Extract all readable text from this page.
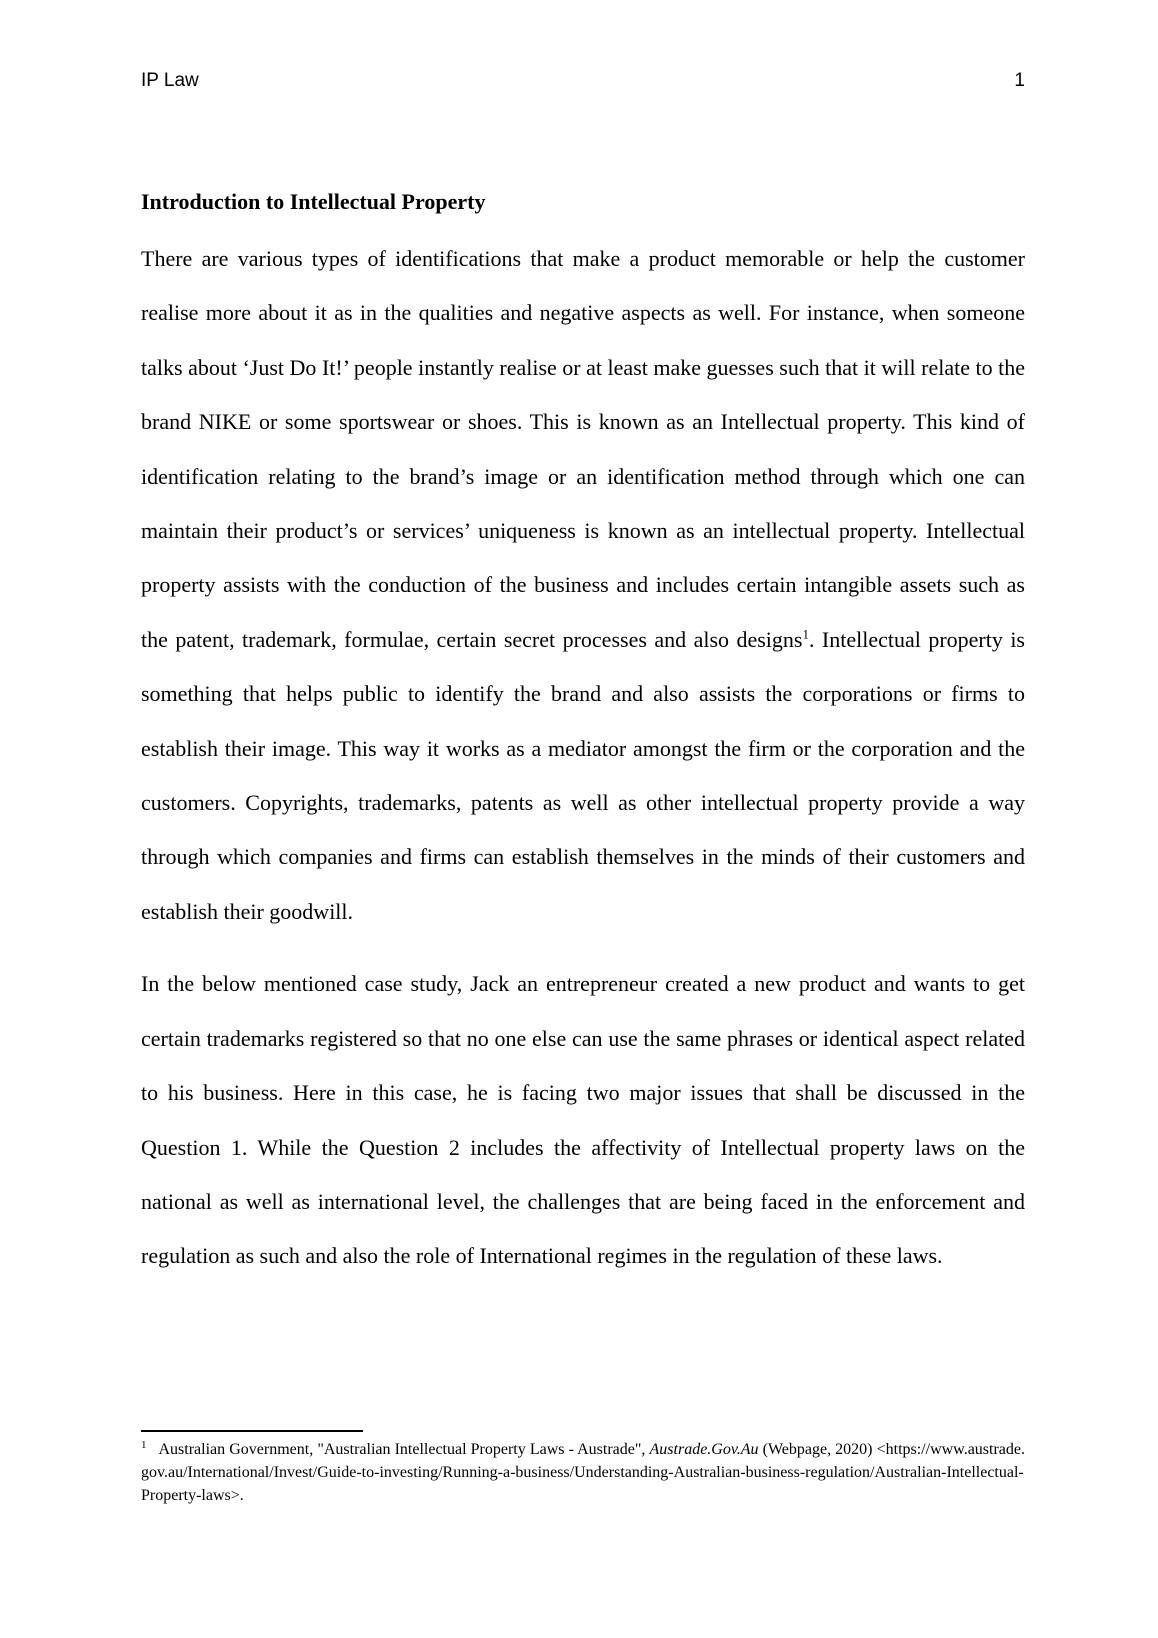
IP Law	1
Introduction to Intellectual Property

There are various types of identifications that make a product memorable or help the customer realise more about it as in the qualities and negative aspects as well. For instance, when someone talks about ‘Just Do It!’ people instantly realise or at least make guesses such that it will relate to the brand NIKE or some sportswear or shoes. This is known as an Intellectual property. This kind of identification relating to the brand’s image or an identification method through which one can maintain their product’s or services’ uniqueness is known as an intellectual property. Intellectual property assists with the conduction of the business and includes certain intangible assets such as the patent, trademark, formulae, certain secret processes and also designs$^1$. Intellectual property is something that helps public to identify the brand and also assists the corporations or firms to establish their image. This way it works as a mediator amongst the firm or the corporation and the customers. Copyrights, trademarks, patents as well as other intellectual property provide a way through which companies and firms can establish themselves in the minds of their customers and establish their goodwill.

In the below mentioned case study, Jack an entrepreneur created a new product and wants to get certain trademarks registered so that no one else can use the same phrases or identical aspect related to his business. Here in this case, he is facing two major issues that shall be discussed in the Question 1. While the Question 2 includes the affectivity of Intellectual property laws on the national as well as international level, the challenges that are being faced in the enforcement and regulation as such and also the role of International regimes in the regulation of these laws.

$^1$ Australian Government, "Australian Intellectual Property Laws - Austrade", Austrade.Gov.Au (Webpage, 2020) <https://www.austrade.gov.au/International/Invest/Guide-to-investing/Running-a-business/Understanding-Australian-business-regulation/Australian-Intellectual-Property-laws>.
